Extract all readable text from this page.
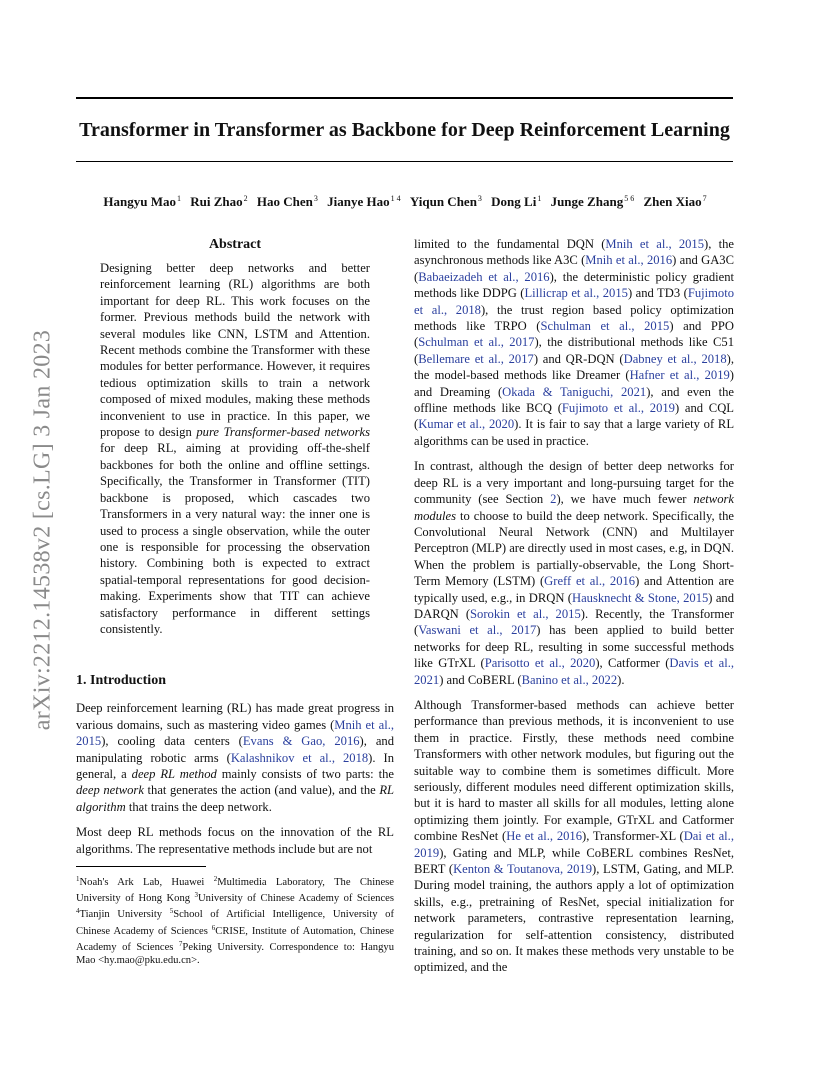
Transformer in Transformer as Backbone for Deep Reinforcement Learning
Hangyu Mao$^1$ Rui Zhao$^2$ Hao Chen$^3$ Jianye Hao$^{1 4}$ Yiqun Chen$^3$ Dong Li$^1$ Junge Zhang$^{5 6}$ Zhen Xiao$^7$
arXiv:2212.14538v2 [cs.LG] 3 Jan 2023
Abstract
Designing better deep networks and better reinforcement learning (RL) algorithms are both important for deep RL. This work focuses on the former. Previous methods build the network with several modules like CNN, LSTM and Attention. Recent methods combine the Transformer with these modules for better performance. However, it requires tedious optimization skills to train a network composed of mixed modules, making these methods inconvenient to use in practice. In this paper, we propose to design pure Transformer-based networks for deep RL, aiming at providing off-the-shelf backbones for both the online and offline settings. Specifically, the Transformer in Transformer (TIT) backbone is proposed, which cascades two Transformers in a very natural way: the inner one is used to process a single observation, while the outer one is responsible for processing the observation history. Combining both is expected to extract spatial-temporal representations for good decision-making. Experiments show that TIT can achieve satisfactory performance in different settings consistently.
1. Introduction

Deep reinforcement learning (RL) has made great progress in various domains, such as mastering video games (Mnih et al., 2015), cooling data centers (Evans & Gao, 2016), and manipulating robotic arms (Kalashnikov et al., 2018). In general, a deep RL method mainly consists of two parts: the deep network that generates the action (and value), and the RL algorithm that trains the deep network.

Most deep RL methods focus on the innovation of the RL algorithms. The representative methods include but are not

$^1$Noah's Ark Lab, Huawei $^2$Multimedia Laboratory, The Chinese University of Hong Kong $^3$University of Chinese Academy of Sciences $^4$Tianjin University $^5$School of Artificial Intelligence, University of Chinese Academy of Sciences $^6$CRISE, Institute of Automation, Chinese Academy of Sciences $^7$Peking University. Correspondence to: Hangyu Mao <hy.mao@pku.edu.cn>.

limited to the fundamental DQN (Mnih et al., 2015), the asynchronous methods like A3C (Mnih et al., 2016) and GA3C (Babaeizadeh et al., 2016), the deterministic policy gradient methods like DDPG (Lillicrap et al., 2015) and TD3 (Fujimoto et al., 2018), the trust region based policy optimization methods like TRPO (Schulman et al., 2015) and PPO (Schulman et al., 2017), the distributional methods like C51 (Bellemare et al., 2017) and QR-DQN (Dabney et al., 2018), the model-based methods like Dreamer (Hafner et al., 2019) and Dreaming (Okada & Taniguchi, 2021), and even the offline methods like BCQ (Fujimoto et al., 2019) and CQL (Kumar et al., 2020). It is fair to say that a large variety of RL algorithms can be used in practice.

In contrast, although the design of better deep networks for deep RL is a very important and long-pursuing target for the community (see Section 2), we have much fewer network modules to choose to build the deep network. Specifically, the Convolutional Neural Network (CNN) and Multilayer Perceptron (MLP) are directly used in most cases, e.g, in DQN. When the problem is partially-observable, the Long Short-Term Memory (LSTM) (Greff et al., 2016) and Attention are typically used, e.g., in DRQN (Hausknecht & Stone, 2015) and DARQN (Sorokin et al., 2015). Recently, the Transformer (Vaswani et al., 2017) has been applied to build better networks for deep RL, resulting in some successful methods like GTrXL (Parisotto et al., 2020), Catformer (Davis et al., 2021) and CoBERL (Banino et al., 2022).

Although Transformer-based methods can achieve better performance than previous methods, it is inconvenient to use them in practice. Firstly, these methods need combine Transformers with other network modules, but figuring out the suitable way to combine them is sometimes difficult. More seriously, different modules need different optimization skills, but it is hard to master all skills for all modules, letting alone optimizing them jointly. For example, GTrXL and Catformer combine ResNet (He et al., 2016), Transformer-XL (Dai et al., 2019), Gating and MLP, while CoBERL combines ResNet, BERT (Kenton & Toutanova, 2019), LSTM, Gating, and MLP. During model training, the authors apply a lot of optimization skills, e.g., pretraining of ResNet, special initialization for network parameters, contrastive representation learning, regularization for self-attention consistency, distributed training, and so on. It makes these methods very unstable to be optimized, and the
